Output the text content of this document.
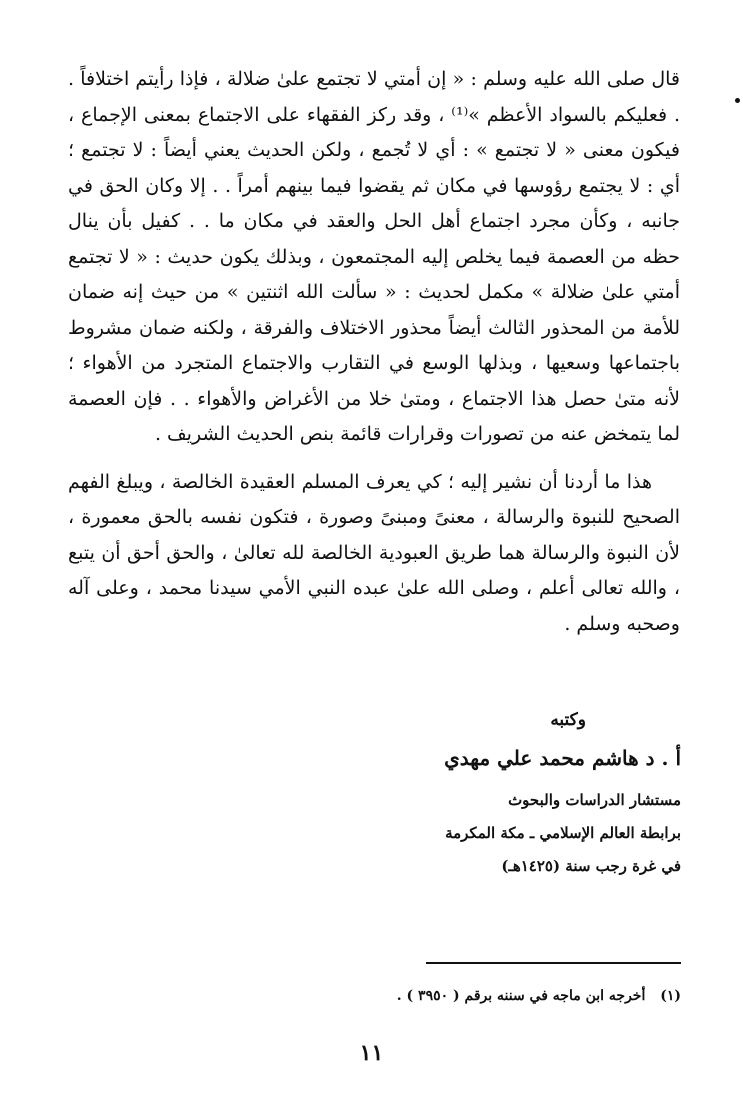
قال صلى الله عليه وسلم : « إن أمتي لا تجتمع علىٰ ضلالة ، فإذا رأيتم اختلافاً . . فعليكم بالسواد الأعظم »⁽¹⁾ ، وقد ركز الفقهاء على الاجتماع بمعنى الإجماع ، فيكون معنى « لا تجتمع » : أي لا تُجمع ، ولكن الحديث يعني أيضاً : لا تجتمع ؛ أي : لا يجتمع رؤوسها في مكان ثم يقضوا فيما بينهم أمراً . . إلا وكان الحق في جانبه ، وكأن مجرد اجتماع أهل الحل والعقد في مكان ما . . كفيل بأن ينال حظه من العصمة فيما يخلص إليه المجتمعون ، وبذلك يكون حديث : « لا تجتمع أمتي علىٰ ضلالة » مكمل لحديث : « سألت الله اثنتين » من حيث إنه ضمان للأمة من المحذور الثالث أيضاً محذور الاختلاف والفرقة ، ولكنه ضمان مشروط باجتماعها وسعيها ، وبذلها الوسع في التقارب والاجتماع المتجرد من الأهواء ؛ لأنه متىٰ حصل هذا الاجتماع ، ومتىٰ خلا من الأغراض والأهواء . . فإن العصمة لما يتمخض عنه من تصورات وقرارات قائمة بنص الحديث الشريف .

هذا ما أردنا أن نشير إليه ؛ كي يعرف المسلم العقيدة الخالصة ، ويبلغ الفهم الصحيح للنبوة والرسالة ، معنىً ومبنىً وصورة ، فتكون نفسه بالحق معمورة ، لأن النبوة والرسالة هما طريق العبودية الخالصة لله تعالىٰ ، والحق أحق أن يتبع ، والله تعالى أعلم ، وصلى الله علىٰ عبده النبي الأمي سيدنا محمد ، وعلى آله وصحبه وسلم .

وكتبه
أ . د هاشم محمد علي مهدي
مستشار الدراسات والبحوث
برابطة العالم الإسلامي ـ مكة المكرمة
في غرة رجب سنة (١٤٢٥هـ)
(١) أخرجه ابن ماجه في سننه برقم ( ٣٩٥٠ ) .
١١
